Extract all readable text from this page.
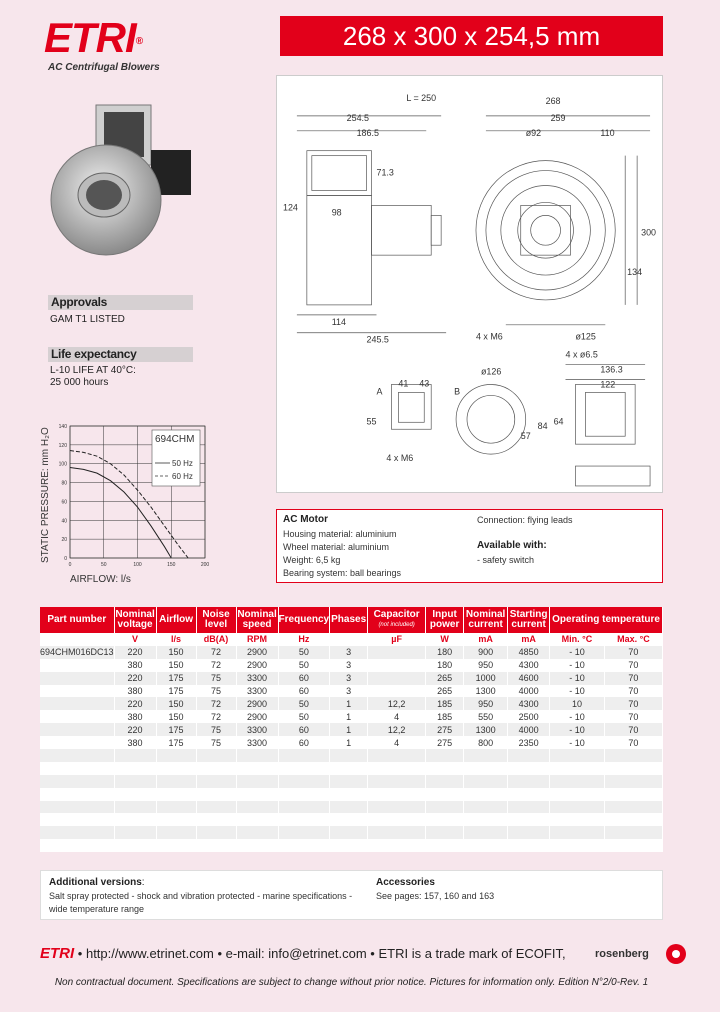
ETRI®
AC Centrifugal Blowers
268 x 300 x 254,5 mm
Approvals
GAM T1 LISTED
Life expectancy
L-10 LIFE AT 40°C:
25 000 hours
L = 250	268
259
254.5
186.5	ø92	110
71.3
124	98
300
134
114
245.5	4 x M6	ø125
4 x ø6.5
136.3
122
ø126
84 64
41 43
55
57
4 x M6
A	B
STATIC PRESSURE: mm H₂O
AIRFLOW: l/s
0
20
40
60
80
100
120
140
0	50	100	150	200
694CHM
50 Hz
60 Hz
AC Motor
Housing material: aluminium
Wheel material: aluminium
Weight: 6,5 kg
Bearing system: ball bearings
Connection: flying leads
Available with:
- safety switch
Part number	Nominal voltage	Airflow	Noise level	Nominal speed	Frequency	Phases	Capacitor
(not included)	Input power	Nominal current	Starting current	Operating temperature	
	V	l/s	dB(A)	RPM	Hz		µF	W	mA	mA	Min. °C	Max. °C
694CHM016DC13	220	150	72	2900	50	3		180	900	4850	- 10	70
	380	150	72	2900	50	3		180	950	4300	- 10	70
	220	175	75	3300	60	3		265	1000	4600	- 10	70
	380	175	75	3300	60	3		265	1300	4000	- 10	70
	220	150	72	2900	50	1	12,2	185	950	4300	10	70
	380	150	72	2900	50	1	4	185	550	2500	- 10	70
	220	175	75	3300	60	1	12,2	275	1300	4000	- 10	70
	380	175	75	3300	60	1	4	275	800	2350	- 10	70

Additional versions:
Salt spray protected - shock and vibration protected - marine specifications -
wide temperature range
Accessories
See pages: 157, 160 and 163
ETRI • http://www.etrinet.com • e-mail: info@etrinet.com • ETRI is a trade mark of ECOFIT,	rosenberg
Non contractual document. Specifications are subject to change without prior notice. Pictures for information only. Edition N°2/0-Rev. 1
